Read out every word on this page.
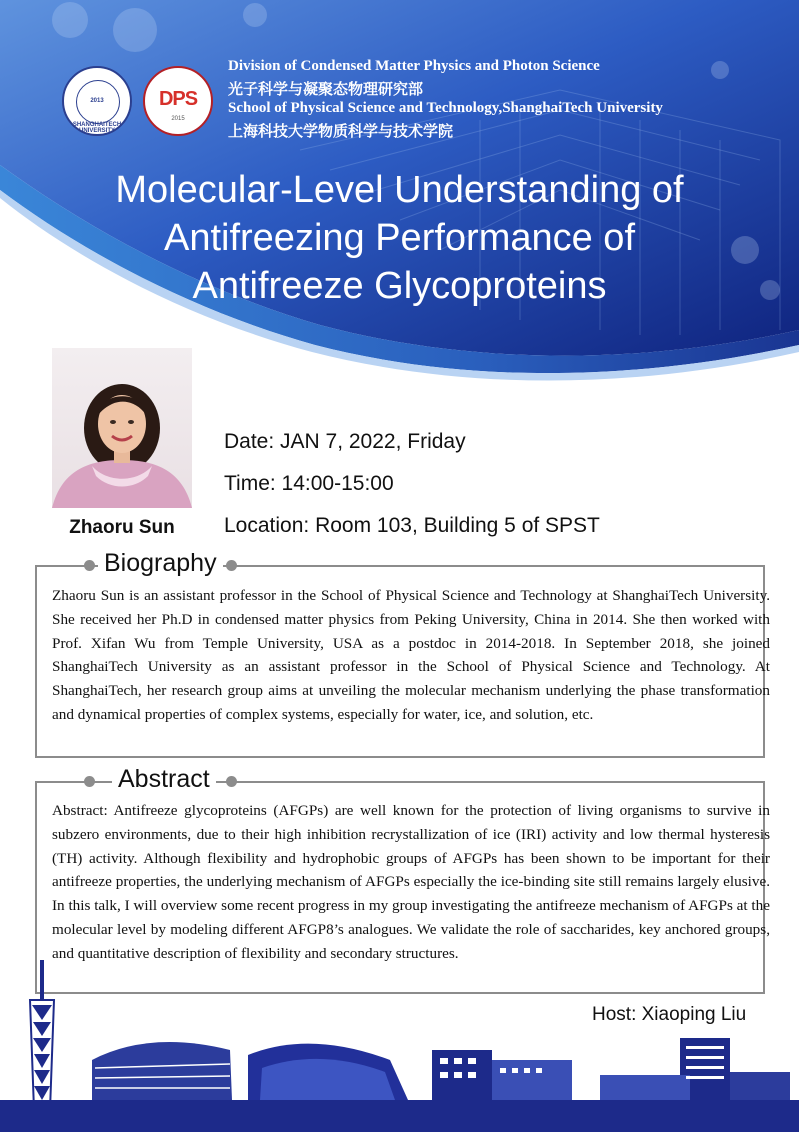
SHANGHAITECH UNIVERSITY
2013	DPS
2015
Division of Condensed Matter Physics and Photon Science
光子科学与凝聚态物理研究部
School of Physical Science and Technology,ShanghaiTech University
上海科技大学物质科学与技术学院
Molecular-Level Understanding of
Antifreezing Performance of
Antifreeze Glycoproteins
Zhaoru Sun
Date: JAN 7, 2022, Friday
Time: 14:00-15:00
Location: Room 103, Building 5 of SPST
Biography
Zhaoru Sun is an assistant professor in the School of Physical Science and Technology at ShanghaiTech University. She received her Ph.D in condensed matter physics from Peking University, China in 2014. She then worked with Prof. Xifan Wu from Temple University, USA as a postdoc in 2014-2018. In September 2018, she joined ShanghaiTech University as an assistant professor in the School of Physical Science and Technology. At ShanghaiTech, her research group aims at unveiling the molecular mechanism underlying the phase transformation and dynamical properties of complex systems, especially for water, ice, and solution, etc.
Abstract
Abstract: Antifreeze glycoproteins (AFGPs) are well known for the protection of living organisms to survive in subzero environments, due to their high inhibition recrystallization of ice (IRI) activity and low thermal hysteresis (TH) activity. Although flexibility and hydrophobic groups of AFGPs has been shown to be important for their antifreeze properties, the underlying mechanism of AFGPs especially the ice-binding site still remains largely elusive. In this talk, I will overview some recent progress in my group investigating the antifreeze mechanism of AFGPs at the molecular level by modeling different AFGP8’s analogues. We validate the role of saccharides, key anchored groups, and quantitative description of flexibility and secondary structures.
Host: Xiaoping Liu
